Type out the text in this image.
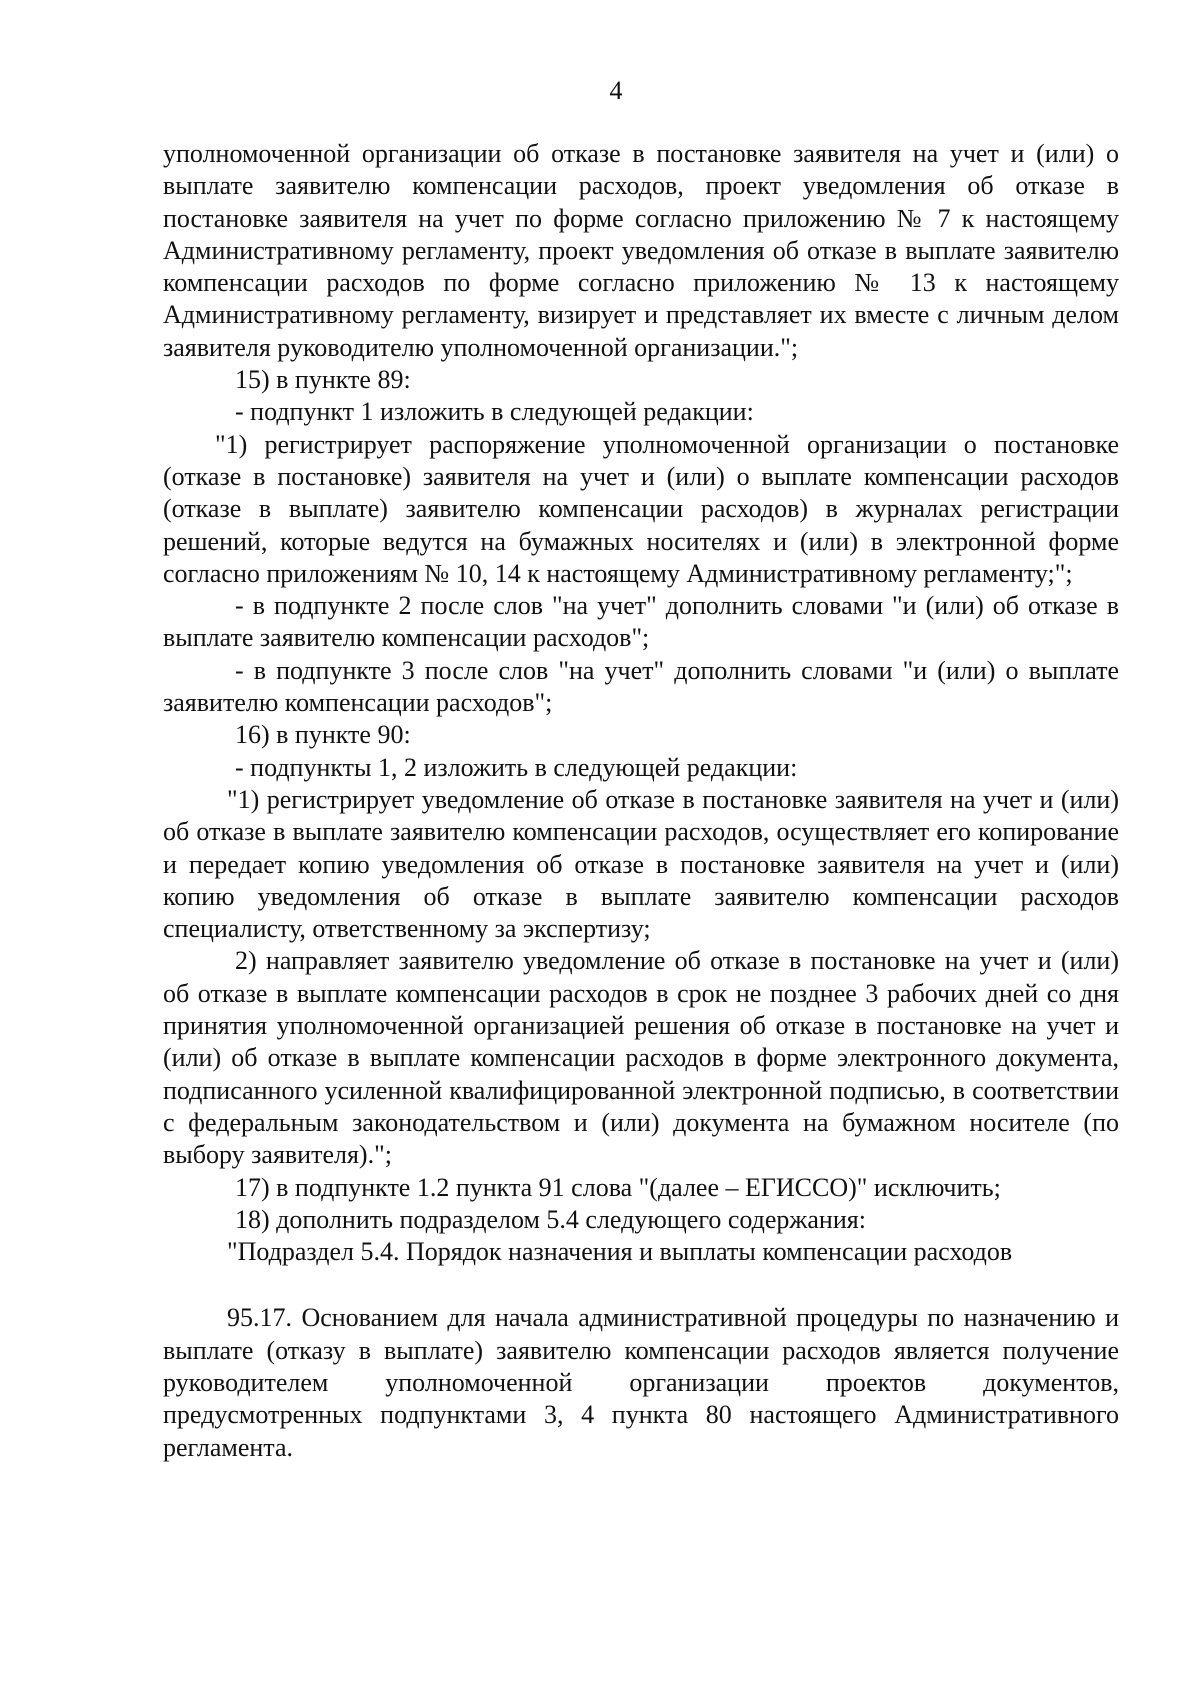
4

уполномоченной организации об отказе в постановке заявителя на учет и (или) о выплате заявителю компенсации расходов, проект уведомления об отказе в постановке заявителя на учет по форме согласно приложению № 7 к настоящему Административному регламенту, проект уведомления об отказе в выплате заявителю компенсации расходов по форме согласно приложению № 13 к настоящему Административному регламенту, визирует и представляет их вместе с личным делом заявителя руководителю уполномоченной организации.";

15) в пункте 89:

- подпункт 1 изложить в следующей редакции:

"1) регистрирует распоряжение уполномоченной организации о постановке (отказе в постановке) заявителя на учет и (или) о выплате компенсации расходов (отказе в выплате) заявителю компенсации расходов) в журналах регистрации решений, которые ведутся на бумажных носителях и (или) в электронной форме согласно приложениям № 10, 14 к настоящему Административному регламенту;";

- в подпункте 2 после слов "на учет" дополнить словами "и (или) об отказе в выплате заявителю компенсации расходов";

- в подпункте 3 после слов "на учет" дополнить словами "и (или) о выплате заявителю компенсации расходов";

16) в пункте 90:

- подпункты 1, 2 изложить в следующей редакции:

"1) регистрирует уведомление об отказе в постановке заявителя на учет и (или) об отказе в выплате заявителю компенсации расходов, осуществляет его копирование и передает копию уведомления об отказе в постановке заявителя на учет и (или) копию уведомления об отказе в выплате заявителю компенсации расходов специалисту, ответственному за экспертизу;

2) направляет заявителю уведомление об отказе в постановке на учет и (или) об отказе в выплате компенсации расходов в срок не позднее 3 рабочих дней со дня принятия уполномоченной организацией решения об отказе в постановке на учет и (или) об отказе в выплате компенсации расходов в форме электронного документа, подписанного усиленной квалифицированной электронной подписью, в соответствии с федеральным законодательством и (или) документа на бумажном носителе (по выбору заявителя).";

17) в подпункте 1.2 пункта 91 слова "(далее – ЕГИССО)" исключить;

18) дополнить подразделом 5.4 следующего содержания:

"Подраздел 5.4. Порядок назначения и выплаты компенсации расходов

95.17. Основанием для начала административной процедуры по назначению и выплате (отказу в выплате) заявителю компенсации расходов является получение руководителем уполномоченной организации проектов документов, предусмотренных подпунктами 3, 4 пункта 80 настоящего Административного регламента.
